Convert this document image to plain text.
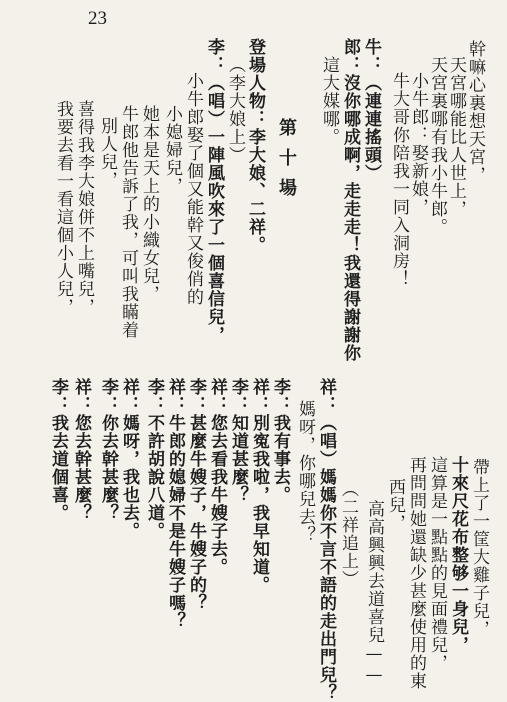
23
幹嘛心裏想天宮，
天宮哪能比人世上，
天宮裏哪有我小牛郎。
小牛郎：娶新娘，
牛大哥你陪我一同入洞房！
牛：（連連搖頭）
郎：沒你哪成啊，走走走！我還得謝謝你
這大媒哪。
第十場
登場人物：李大娘、二祥。
（李大娘上）
李：（唱）一陣風吹來了一個喜信兒，
小牛郎娶了個又能幹又俊俏的
小媳婦兒，
她本是天上的小織女兒，
牛郎他告訴了我，可叫我瞞着
別人兒，
喜得我李大娘併不上嘴兒，
我要去看一看這個小人兒，
帶上了一筐大雞子兒，
十來尺花布整够一身兒，
這算是一點點的見面禮兒，
再問問她還缺少甚麼使用的東
西兒，
高高興興去道喜兒——
（二祥追上）
祥：（唱）媽媽你不言不語的走出門兒？
媽呀，你哪兒去？
李：我有事去。
祥：別寃我啦，我早知道。
李：知道甚麼？
祥：您去看我牛嫂子去。
李：甚麼牛嫂子，牛嫂子的？
祥：牛郎的媳婦不是牛嫂子嗎？
李：不許胡說八道。
祥：媽呀，我也去。
李：你去幹甚麼？
祥：您去幹甚麼？
李：我去道個喜。
